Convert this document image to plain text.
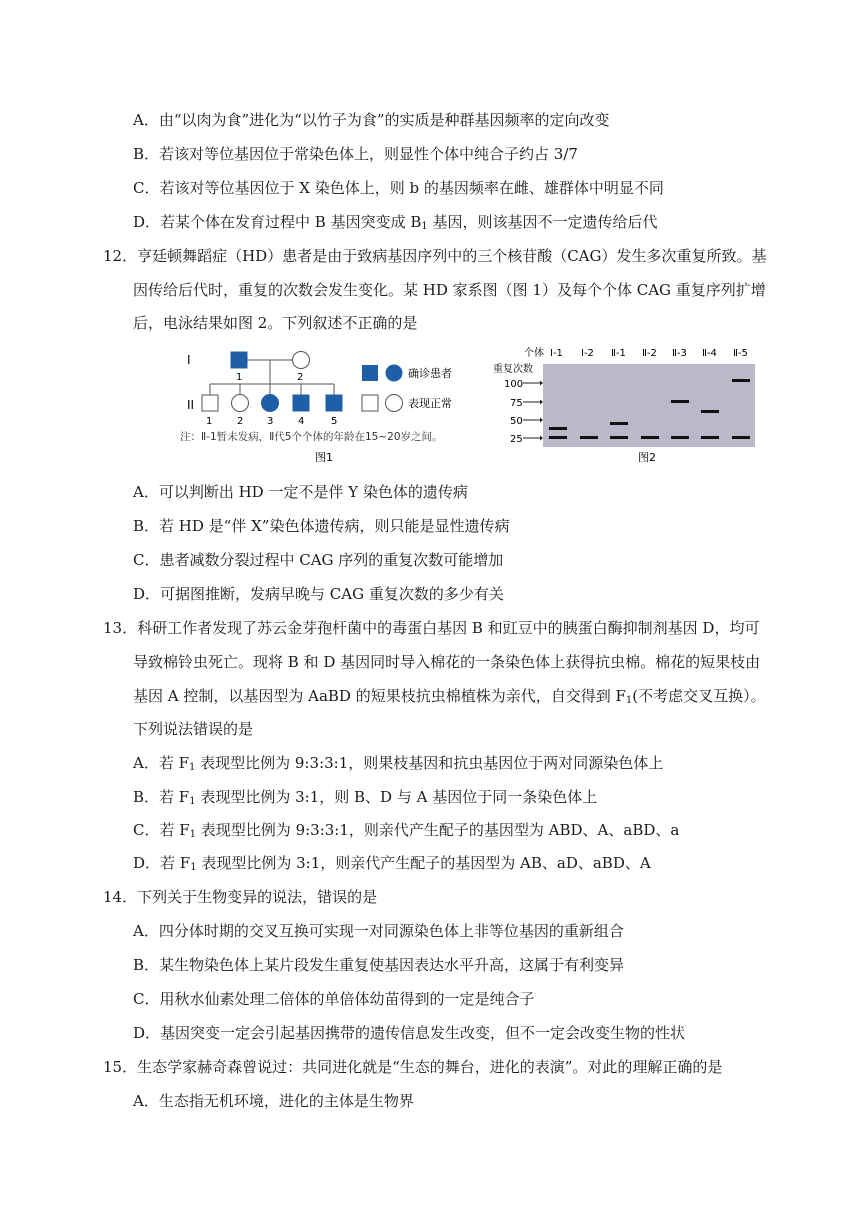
A．由“以肉为食”进化为“以竹子为食”的实质是种群基因频率的定向改变
B．若该对等位基因位于常染色体上，则显性个体中纯合子约占 3/7
C．若该对等位基因位于 X 染色体上，则 b 的基因频率在雌、雄群体中明显不同
D．若某个体在发育过程中 B 基因突变成 $B_1$ 基因，则该基因不一定遗传给后代
12．亨廷顿舞蹈症（HD）患者是由于致病基因序列中的三个核苷酸（CAG）发生多次重复所致。基
因传给后代时，重复的次数会发生变化。某 HD 家系图（图 1）及每个个体 CAG 重复序列扩增
后，电泳结果如图 2。下列叙述不正确的是
I
II
1	2
1 2 3 4	5
确诊患者
表现正常
注：Ⅱ-1暂未发病，Ⅱ代5个个体的年龄在15~20岁之间。
图1
个体 Ⅰ-1 Ⅰ-2 Ⅱ-1 Ⅱ-2 Ⅱ-3 Ⅱ-4 Ⅱ-5
重复次数
100
75
50
25
图2
A．可以判断出 HD 一定不是伴 Y 染色体的遗传病
B．若 HD 是“伴 X”染色体遗传病，则只能是显性遗传病
C．患者减数分裂过程中 CAG 序列的重复次数可能增加
D．可据图推断，发病早晚与 CAG 重复次数的多少有关
13．科研工作者发现了苏云金芽孢杆菌中的毒蛋白基因 B 和豇豆中的胰蛋白酶抑制剂基因 D，均可
导致棉铃虫死亡。现将 B 和 D 基因同时导入棉花的一条染色体上获得抗虫棉。棉花的短果枝由
基因 A 控制，以基因型为 AaBD 的短果枝抗虫棉植株为亲代，自交得到 $F_1$(不考虑交叉互换）。
下列说法错误的是
A．若 $F_1$ 表现型比例为 9:3:3:1，则果枝基因和抗虫基因位于两对同源染色体上
B．若 $F_1$ 表现型比例为 3:1，则 B、D 与 A 基因位于同一条染色体上
C．若 $F_1$ 表现型比例为 9:3:3:1，则亲代产生配子的基因型为 ABD、A、aBD、a
D．若 $F_1$ 表现型比例为 3:1，则亲代产生配子的基因型为 AB、aD、aBD、A
14．下列关于生物变异的说法，错误的是
A．四分体时期的交叉互换可实现一对同源染色体上非等位基因的重新组合
B．某生物染色体上某片段发生重复使基因表达水平升高，这属于有利变异
C．用秋水仙素处理二倍体的单倍体幼苗得到的一定是纯合子
D．基因突变一定会引起基因携带的遗传信息发生改变，但不一定会改变生物的性状
15．生态学家赫奇森曾说过：共同进化就是“生态的舞台，进化的表演”。对此的理解正确的是
A．生态指无机环境，进化的主体是生物界
